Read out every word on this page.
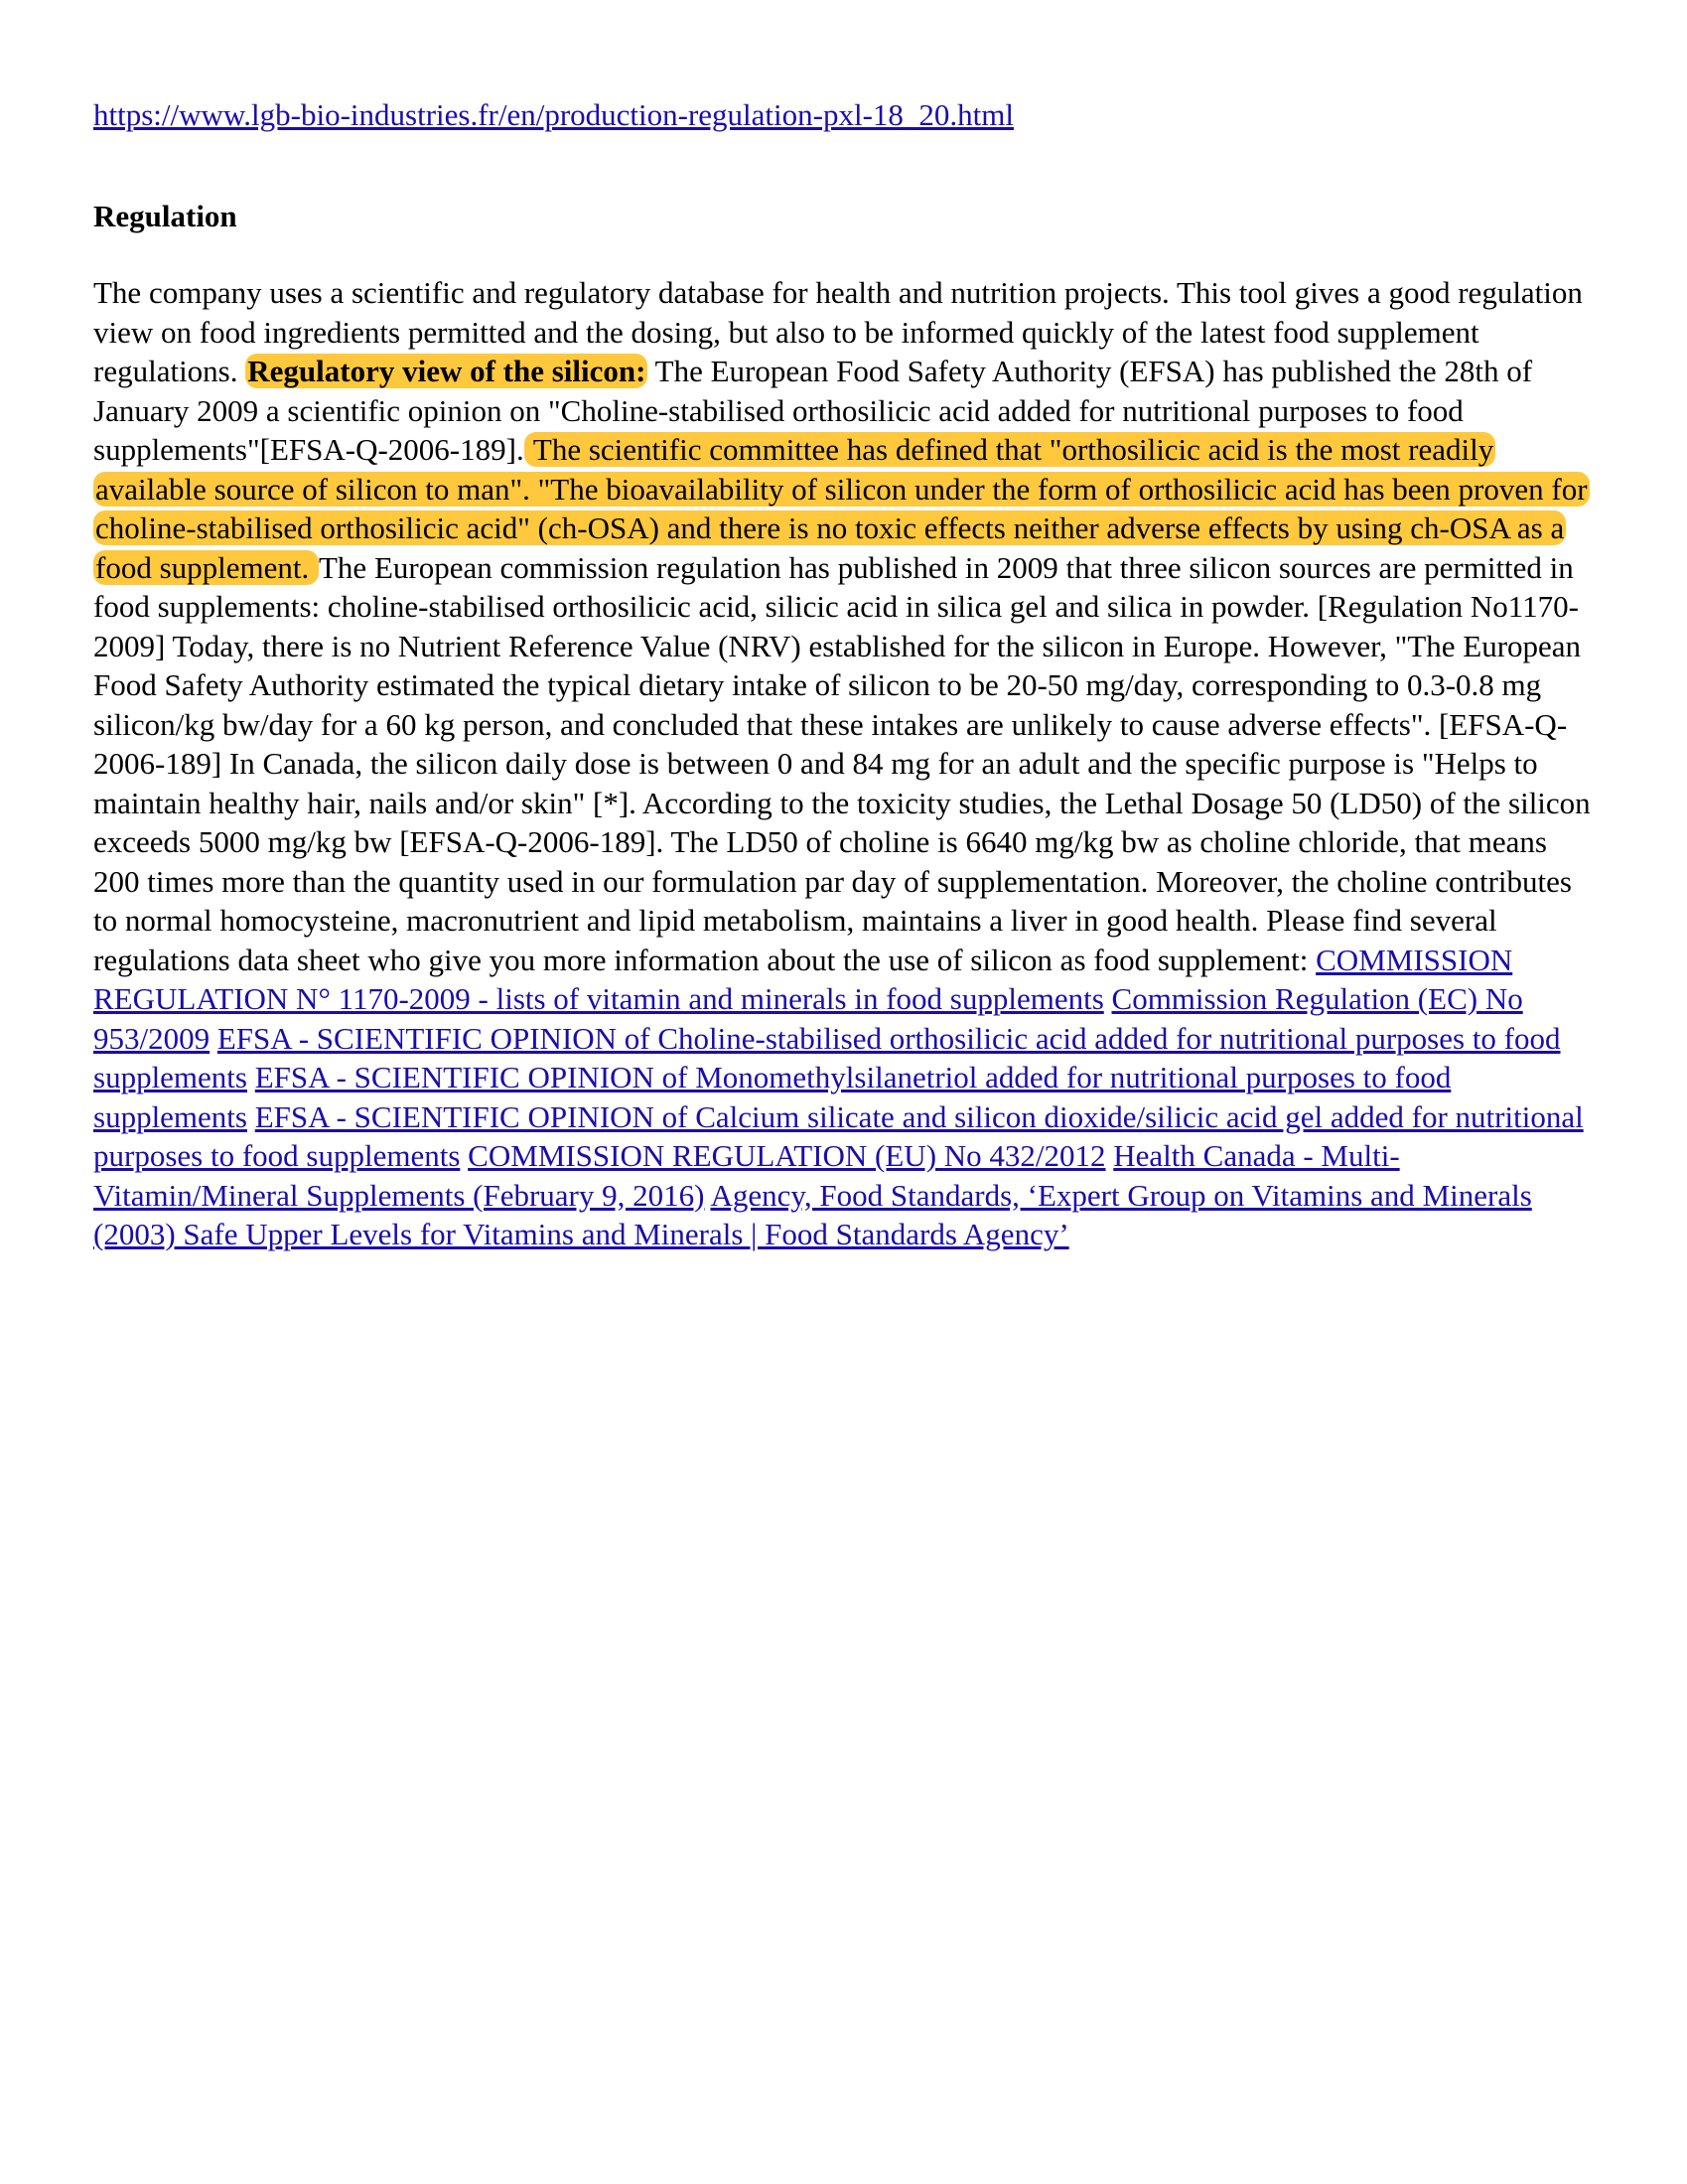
https://www.lgb-bio-industries.fr/en/production-regulation-pxl-18_20.html
Regulation

The company uses a scientific and regulatory database for health and nutrition projects. This tool gives a good regulation view on food ingredients permitted and the dosing, but also to be informed quickly of the latest food supplement regulations. Regulatory view of the silicon: The European Food Safety Authority (EFSA) has published the 28th of January 2009 a scientific opinion on "Choline-stabilised orthosilicic acid added for nutritional purposes to food supplements"[EFSA-Q-2006-189]. The scientific committee has defined that "orthosilicic acid is the most readily available source of silicon to man". "The bioavailability of silicon under the form of orthosilicic acid has been proven for choline-stabilised orthosilicic acid" (ch-OSA) and there is no toxic effects neither adverse effects by using ch-OSA as a food supplement. The European commission regulation has published in 2009 that three silicon sources are permitted in food supplements: choline-stabilised orthosilicic acid, silicic acid in silica gel and silica in powder. [Regulation No1170-2009] Today, there is no Nutrient Reference Value (NRV) established for the silicon in Europe. However, "The European Food Safety Authority estimated the typical dietary intake of silicon to be 20-50 mg/day, corresponding to 0.3-0.8 mg silicon/kg bw/day for a 60 kg person, and concluded that these intakes are unlikely to cause adverse effects". [EFSA-Q-2006-189] In Canada, the silicon daily dose is between 0 and 84 mg for an adult and the specific purpose is "Helps to maintain healthy hair, nails and/or skin" [*]. According to the toxicity studies, the Lethal Dosage 50 (LD50) of the silicon exceeds 5000 mg/kg bw [EFSA-Q-2006-189]. The LD50 of choline is 6640 mg/kg bw as choline chloride, that means 200 times more than the quantity used in our formulation par day of supplementation. Moreover, the choline contributes to normal homocysteine, macronutrient and lipid metabolism, maintains a liver in good health. Please find several regulations data sheet who give you more information about the use of silicon as food supplement: COMMISSION REGULATION N° 1170-2009 - lists of vitamin and minerals in food supplements Commission Regulation (EC) No 953/2009 EFSA - SCIENTIFIC OPINION of Choline-stabilised orthosilicic acid added for nutritional purposes to food supplements EFSA - SCIENTIFIC OPINION of Monomethylsilanetriol added for nutritional purposes to food supplements EFSA - SCIENTIFIC OPINION of Calcium silicate and silicon dioxide/silicic acid gel added for nutritional purposes to food supplements COMMISSION REGULATION (EU) No 432/2012 Health Canada - Multi-Vitamin/Mineral Supplements (February 9, 2016) Agency, Food Standards, ‘Expert Group on Vitamins and Minerals (2003) Safe Upper Levels for Vitamins and Minerals | Food Standards Agency’
